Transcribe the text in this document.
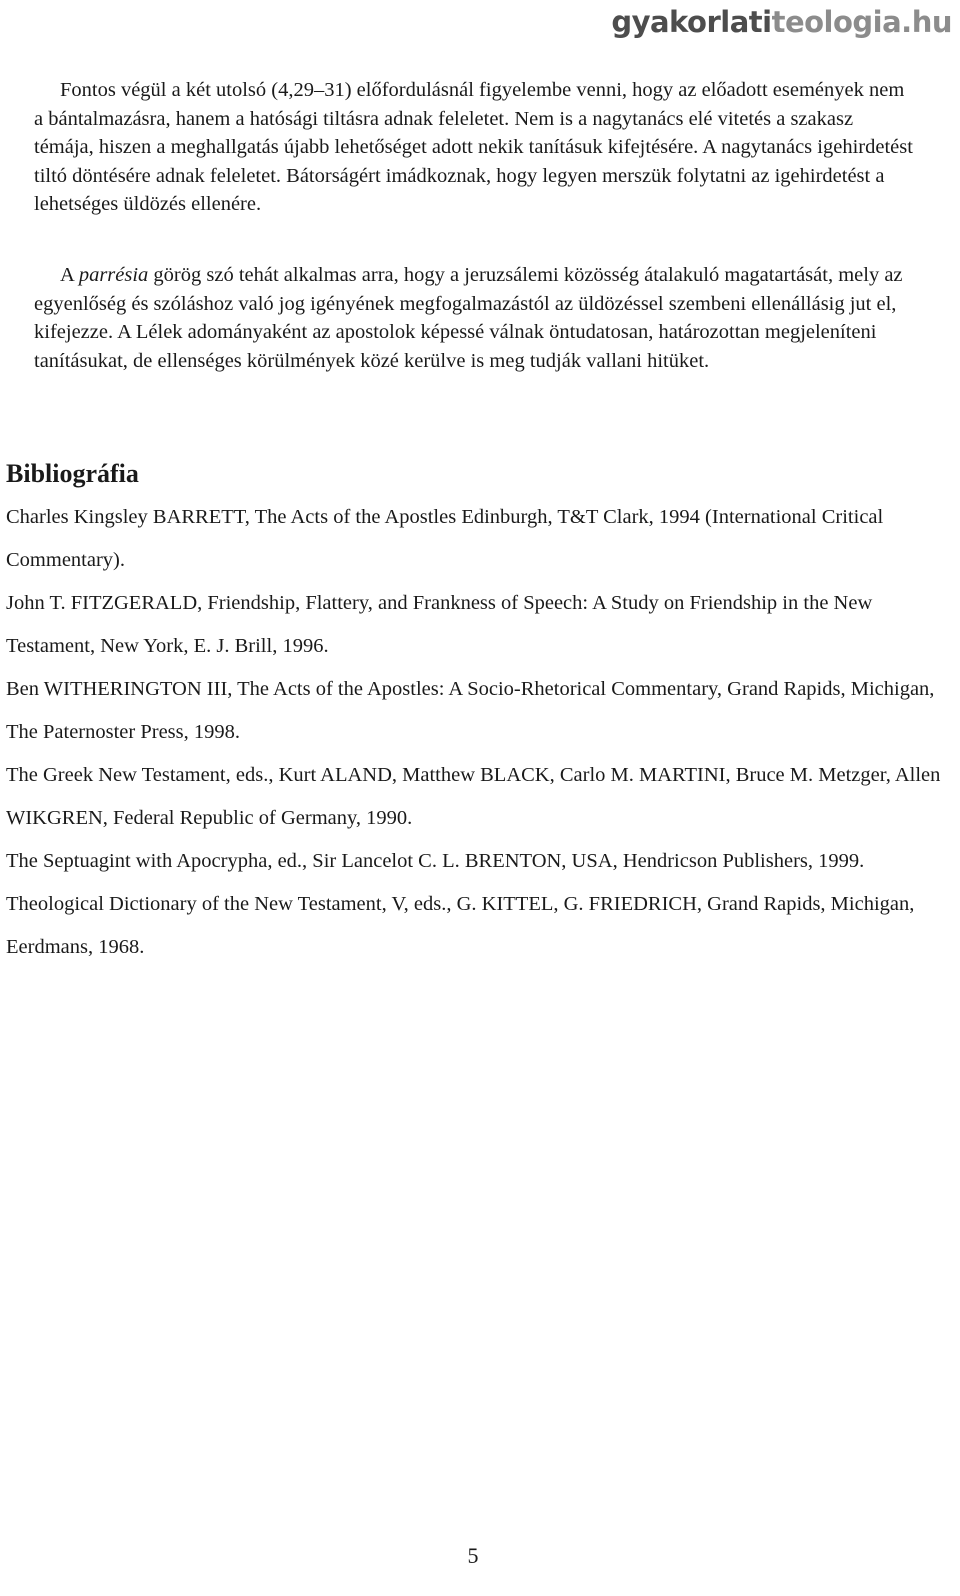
gyakorlatiteologia.hu

Fontos végül a két utolsó (4,29–31) előfordulásnál figyelembe venni, hogy az előadott események nem a bántalmazásra, hanem a hatósági tiltásra adnak feleletet. Nem is a nagytanács elé vitetés a szakasz témája, hiszen a meghallgatás újabb lehetőséget adott nekik tanításuk kifejtésére. A nagytanács igehirdetést tiltó döntésére adnak feleletet. Bátorságért imádkoznak, hogy legyen merszük folytatni az igehirdetést a lehetséges üldözés ellenére.

A parrésia görög szó tehát alkalmas arra, hogy a jeruzsálemi közösség átalakuló magatartását, mely az egyenlőség és szóláshoz való jog igényének megfogalmazástól az üldözéssel szembeni ellenállásig jut el, kifejezze. A Lélek adományaként az apostolok képessé válnak öntudatosan, határozottan megjeleníteni tanításukat, de ellenséges körülmények közé kerülve is meg tudják vallani hitüket.

Bibliográfia
Charles Kingsley BARRETT, The Acts of the Apostles Edinburgh, T&T Clark, 1994 (International Critical Commentary).
John T. FITZGERALD, Friendship, Flattery, and Frankness of Speech: A Study on Friendship in the New Testament, New York, E. J. Brill, 1996.
Ben WITHERINGTON III, The Acts of the Apostles: A Socio-Rhetorical Commentary, Grand Rapids, Michigan, The Paternoster Press, 1998.
The Greek New Testament, eds., Kurt ALAND, Matthew BLACK, Carlo M. MARTINI, Bruce M. Metzger, Allen WIKGREN, Federal Republic of Germany, 1990.
The Septuagint with Apocrypha, ed., Sir Lancelot C. L. BRENTON, USA, Hendricson Publishers, 1999.
Theological Dictionary of the New Testament, V, eds., G. KITTEL, G. FRIEDRICH, Grand Rapids, Michigan, Eerdmans, 1968.
5
